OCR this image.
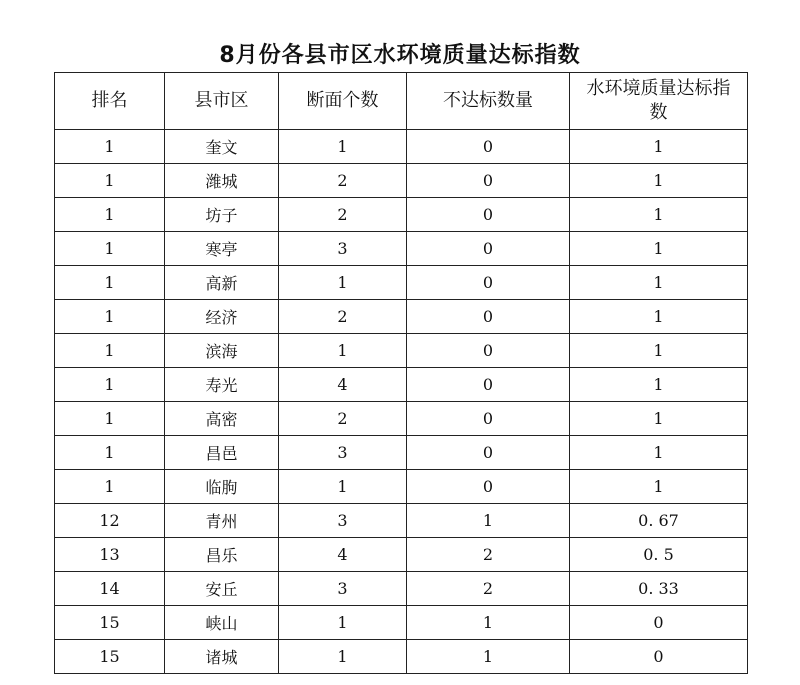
8月份各县市区水环境质量达标指数
排名	县市区	断面个数	不达标数量	水环境质量达标指数
1	奎文	1	0	1
1	潍城	2	0	1
1	坊子	2	0	1
1	寒亭	3	0	1
1	高新	1	0	1
1	经济	2	0	1
1	滨海	1	0	1
1	寿光	4	0	1
1	高密	2	0	1
1	昌邑	3	0	1
1	临朐	1	0	1
12	青州	3	1	0. 67
13	昌乐	4	2	0. 5
14	安丘	3	2	0. 33
15	峡山	1	1	0
15	诸城	1	1	0
